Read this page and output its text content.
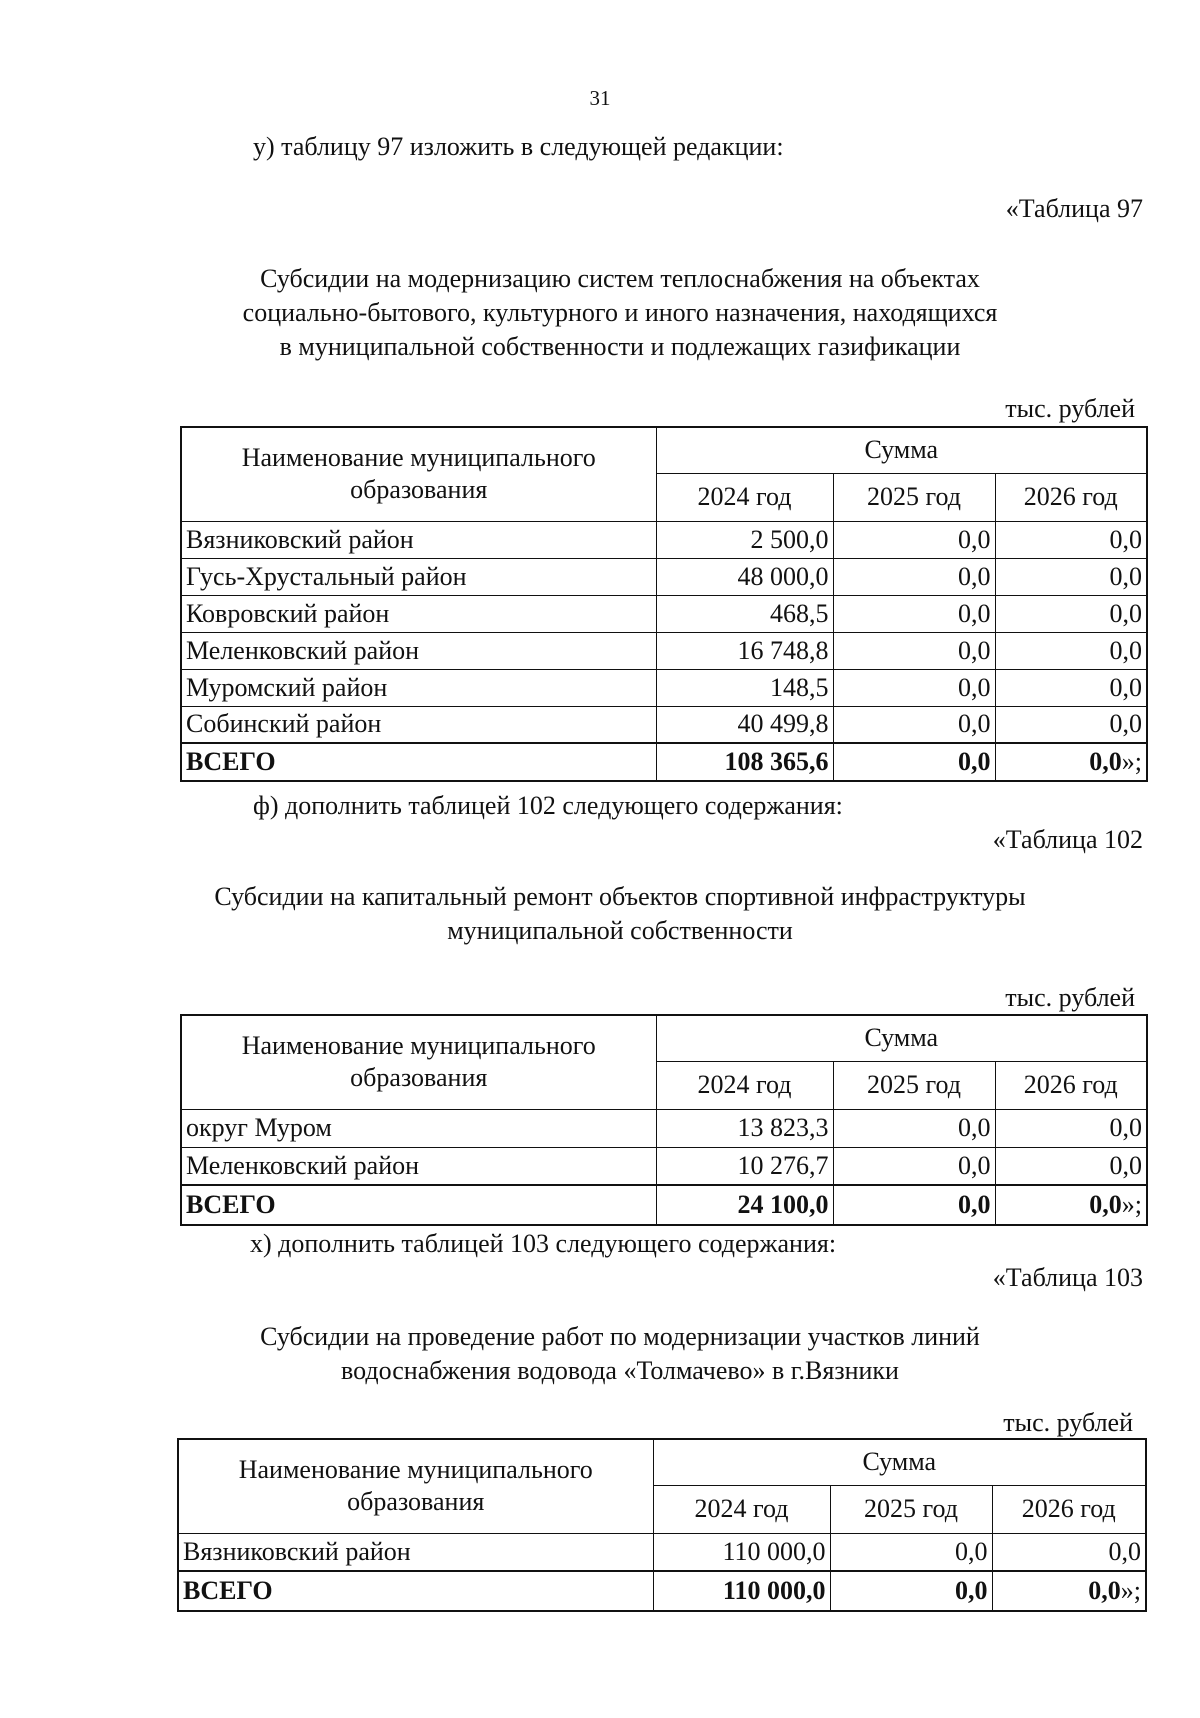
31
у) таблицу 97 изложить в следующей редакции:
«Таблица 97
Субсидии на модернизацию систем теплоснабжения на объектах
социально-бытового, культурного и иного назначения, находящихся
в муниципальной собственности и подлежащих газификации
тыс. рублей
Наименование муниципального образования	Сумма		
	2024 год	2025 год	2026 год
Вязниковский район	2 500,0	0,0	0,0
Гусь-Хрустальный район	48 000,0	0,0	0,0
Ковровский район	468,5	0,0	0,0
Меленковский район	16 748,8	0,0	0,0
Муромский район	148,5	0,0	0,0
Собинский район	40 499,8	0,0	0,0
ВСЕГО	108 365,6	0,0	0,0»;
ф) дополнить таблицей 102 следующего содержания:
«Таблица 102
Субсидии на капитальный ремонт объектов спортивной инфраструктуры
муниципальной собственности
тыс. рублей
Наименование муниципального образования	Сумма		
	2024 год	2025 год	2026 год
округ Муром	13 823,3	0,0	0,0
Меленковский район	10 276,7	0,0	0,0
ВСЕГО	24 100,0	0,0	0,0»;
х) дополнить таблицей 103 следующего содержания:
«Таблица 103
Субсидии на проведение работ по модернизации участков линий
водоснабжения водовода «Толмачево» в г.Вязники
тыс. рублей
Наименование муниципального образования	Сумма		
	2024 год	2025 год	2026 год
Вязниковский район	110 000,0	0,0	0,0
ВСЕГО	110 000,0	0,0	0,0»;
